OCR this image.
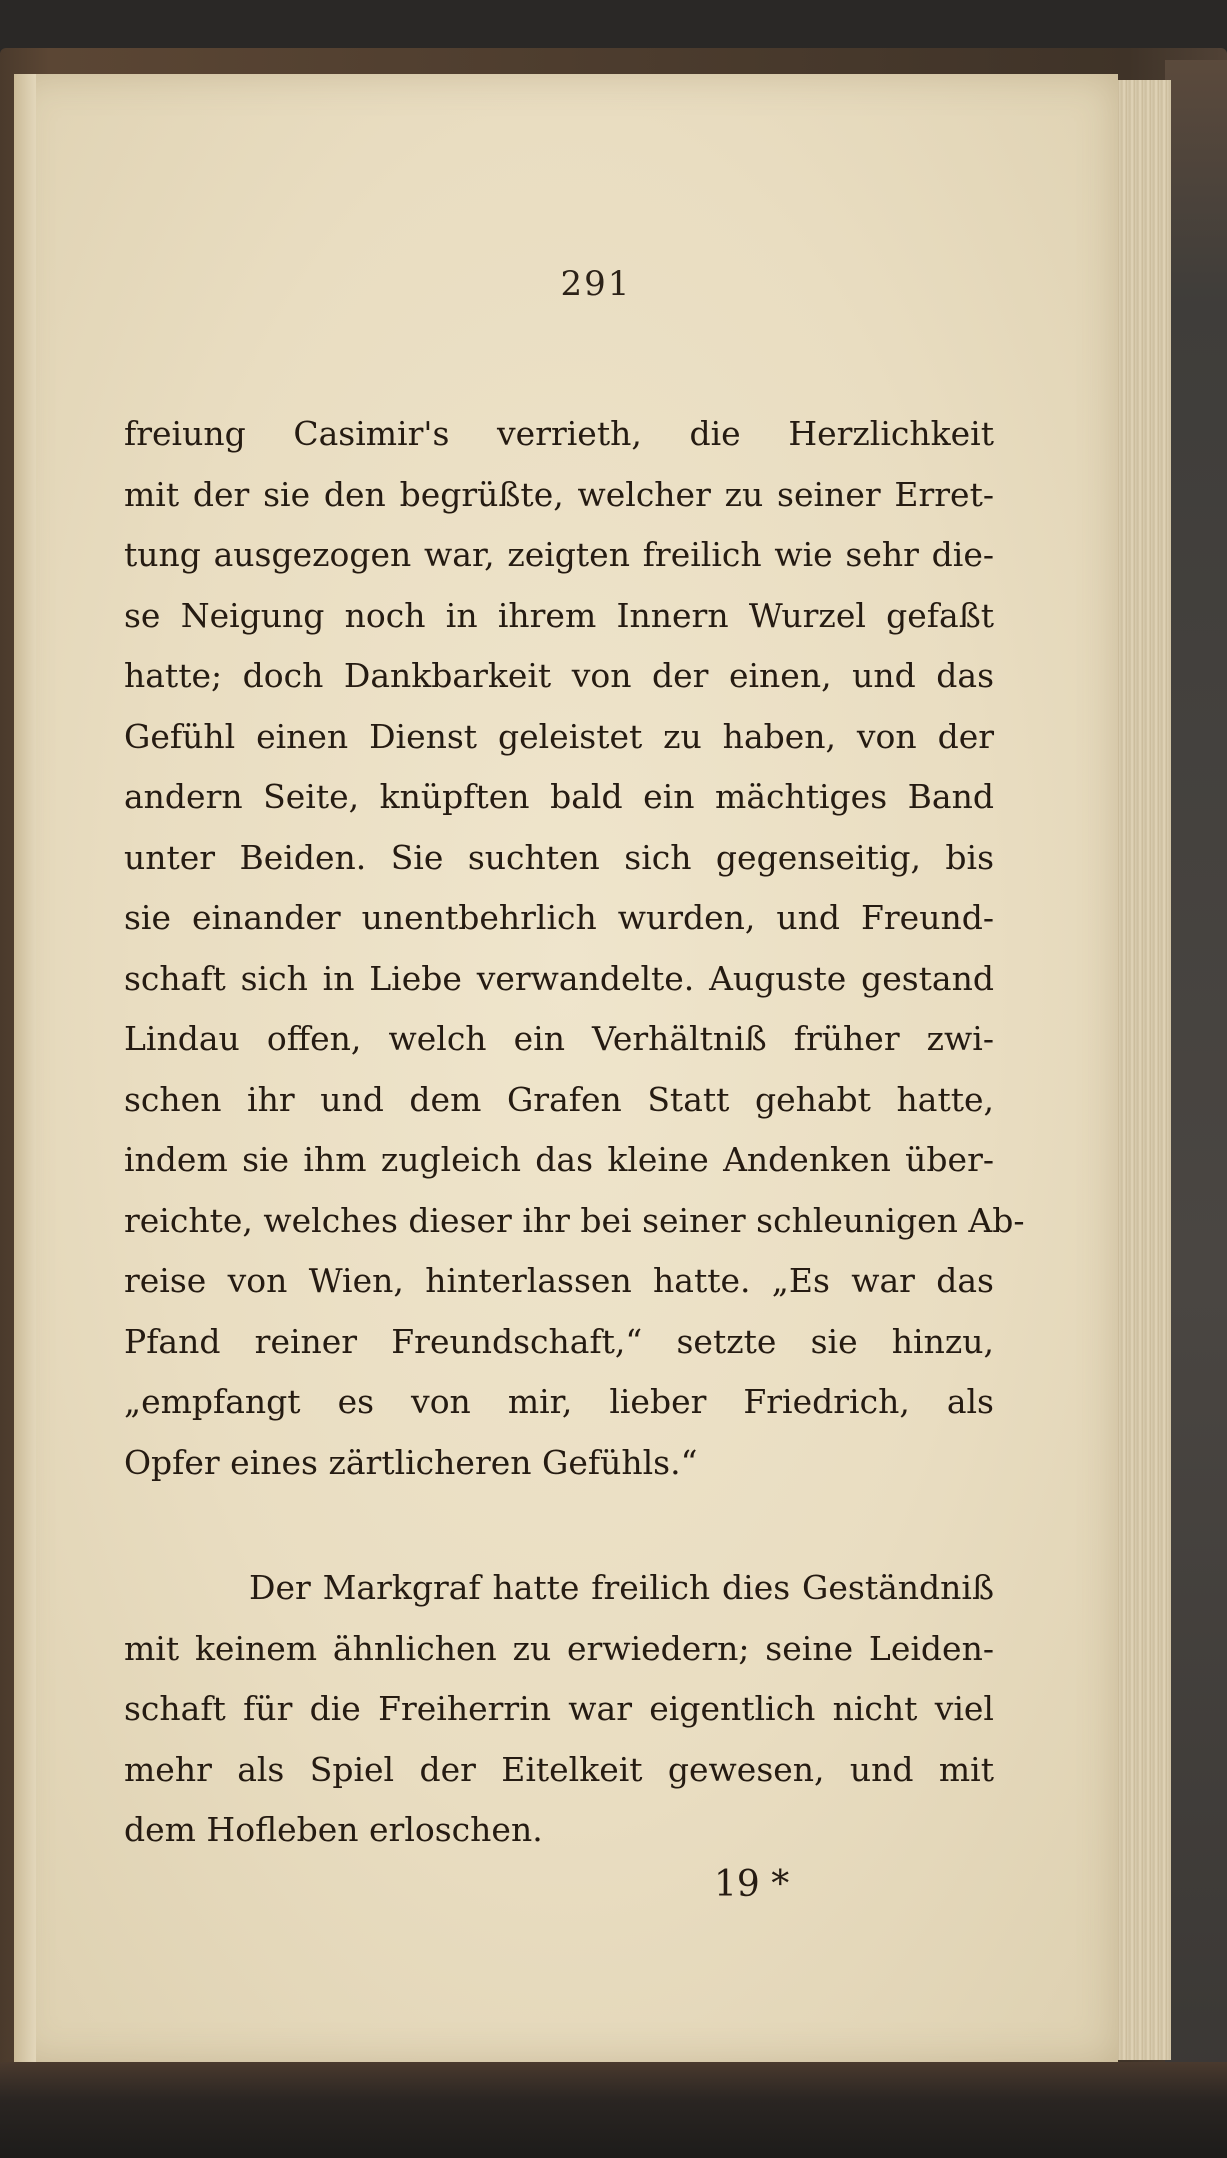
291
freiung Casimir's verrieth, die Herzlichkeit
mit der sie den begrüßte, welcher zu seiner Erret-
tung ausgezogen war, zeigten freilich wie sehr die-
se Neigung noch in ihrem Innern Wurzel gefaßt
hatte; doch Dankbarkeit von der einen, und das
Gefühl einen Dienst geleistet zu haben, von der
andern Seite, knüpften bald ein mächtiges Band
unter Beiden. Sie suchten sich gegenseitig, bis
sie einander unentbehrlich wurden, und Freund-
schaft sich in Liebe verwandelte. Auguste gestand
Lindau offen, welch ein Verhältniß früher zwi-
schen ihr und dem Grafen Statt gehabt hatte,
indem sie ihm zugleich das kleine Andenken über-
reichte, welches dieser ihr bei seiner schleunigen Ab-
reise von Wien, hinterlassen hatte. „Es war das
Pfand reiner Freundschaft,“ setzte sie hinzu,
„empfangt es von mir, lieber Friedrich, als
Opfer eines zärtlicheren Gefühls.“
Der Markgraf hatte freilich dies Geständniß
mit keinem ähnlichen zu erwiedern; seine Leiden-
schaft für die Freiherrin war eigentlich nicht viel
mehr als Spiel der Eitelkeit gewesen, und mit
dem Hofleben erloschen.
19 *
